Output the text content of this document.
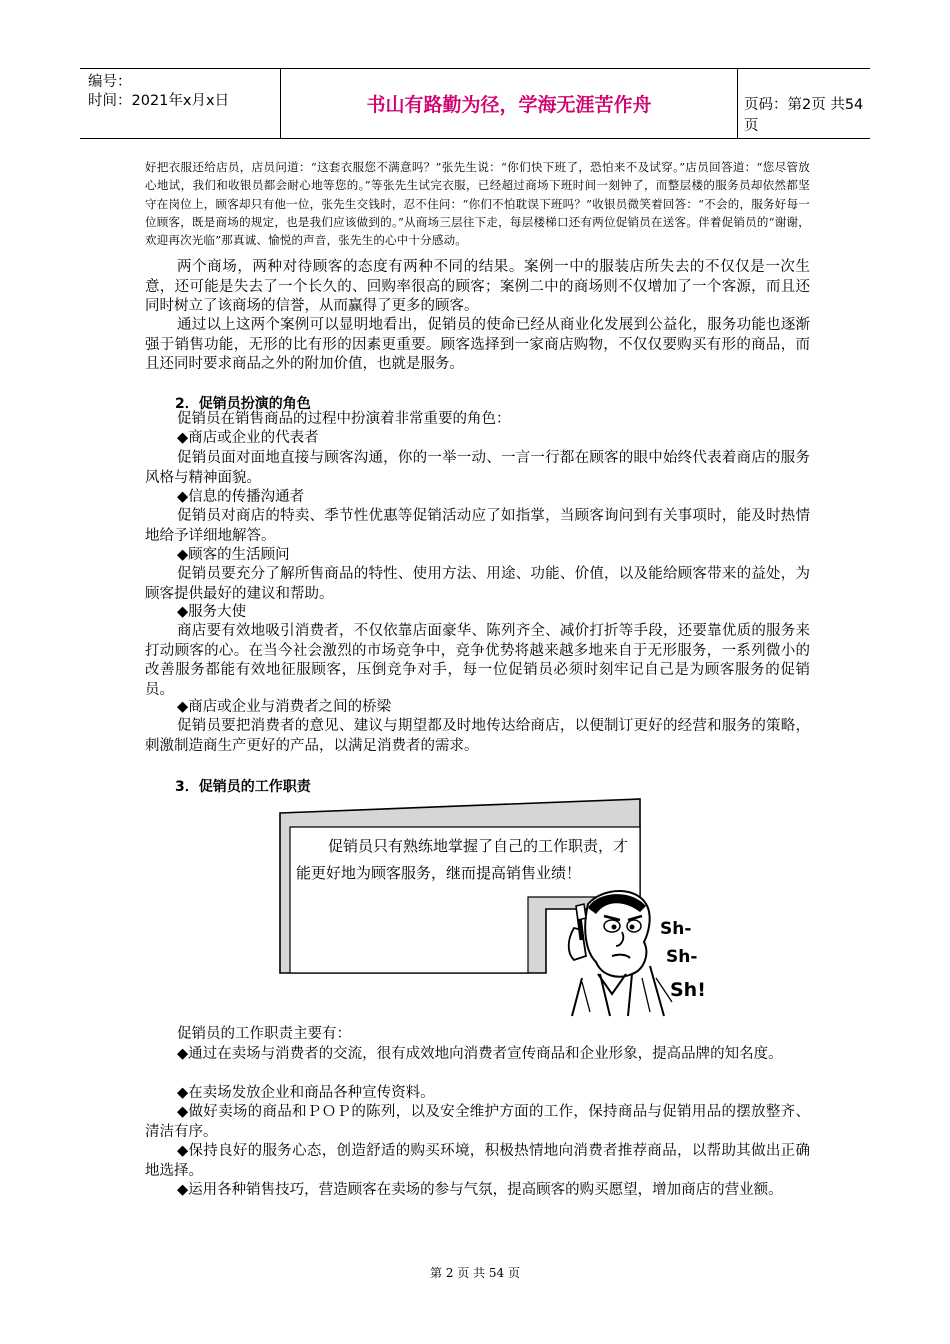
编号：
时间：2021年x月x日	书山有路勤为径，学海无涯苦作舟	页码：第2页 共54页
好把衣服还给店员，店员问道：“这套衣服您不满意吗？”张先生说：“你们快下班了，恐怕来不及试穿。”店员回答道：“您尽管放心地试，我们和收银员都会耐心地等您的。”等张先生试完衣服，已经超过商场下班时间一刻钟了，而整层楼的服务员却依然都坚守在岗位上，顾客却只有他一位，张先生交钱时，忍不住问：“你们不怕耽误下班吗？”收银员微笑着回答：“不会的，服务好每一位顾客，既是商场的规定，也是我们应该做到的。”从商场三层往下走，每层楼梯口还有两位促销员在送客。伴着促销员的“谢谢，欢迎再次光临”那真诚、愉悦的声音，张先生的心中十分感动。
两个商场，两种对待顾客的态度有两种不同的结果。案例一中的服装店所失去的不仅仅是一次生意，还可能是失去了一个长久的、回购率很高的顾客；案例二中的商场则不仅增加了一个客源，而且还同时树立了该商场的信誉，从而赢得了更多的顾客。
通过以上这两个案例可以显明地看出，促销员的使命已经从商业化发展到公益化，服务功能也逐渐强于销售功能，无形的比有形的因素更重要。顾客选择到一家商店购物，不仅仅要购买有形的商品，而且还同时要求商品之外的附加价值，也就是服务。
2．促销员扮演的角色
促销员在销售商品的过程中扮演着非常重要的角色：
◆商店或企业的代表者
促销员面对面地直接与顾客沟通，你的一举一动、一言一行都在顾客的眼中始终代表着商店的服务风格与精神面貌。
◆信息的传播沟通者
促销员对商店的特卖、季节性优惠等促销活动应了如指掌，当顾客询问到有关事项时，能及时热情地给予详细地解答。
◆顾客的生活顾问
促销员要充分了解所售商品的特性、使用方法、用途、功能、价值，以及能给顾客带来的益处，为顾客提供最好的建议和帮助。
◆服务大使
商店要有效地吸引消费者，不仅依靠店面豪华、陈列齐全、减价打折等手段，还要靠优质的服务来打动顾客的心。在当今社会激烈的市场竞争中，竞争优势将越来越多地来自于无形服务，一系列微小的改善服务都能有效地征服顾客，压倒竞争对手，每一位促销员必须时刻牢记自己是为顾客服务的促销员。
◆商店或企业与消费者之间的桥梁
促销员要把消费者的意见、建议与期望都及时地传达给商店，以便制订更好的经营和服务的策略，刺激制造商生产更好的产品，以满足消费者的需求。
3．促销员的工作职责
促销员只有熟练地掌握了自己的工作职责，才能更好地为顾客服务，继而提高销售业绩！
Sh-
Sh-
Sh!
促销员的工作职责主要有：
◆通过在卖场与消费者的交流，很有成效地向消费者宣传商品和企业形象，提高品牌的知名度。
◆在卖场发放企业和商品各种宣传资料。
◆做好卖场的商品和ＰＯＰ的陈列，以及安全维护方面的工作，保持商品与促销用品的摆放整齐、清洁有序。
◆保持良好的服务心态，创造舒适的购买环境，积极热情地向消费者推荐商品，以帮助其做出正确地选择。
◆运用各种销售技巧，营造顾客在卖场的参与气氛，提高顾客的购买愿望，增加商店的营业额。
第 2 页 共 54 页
